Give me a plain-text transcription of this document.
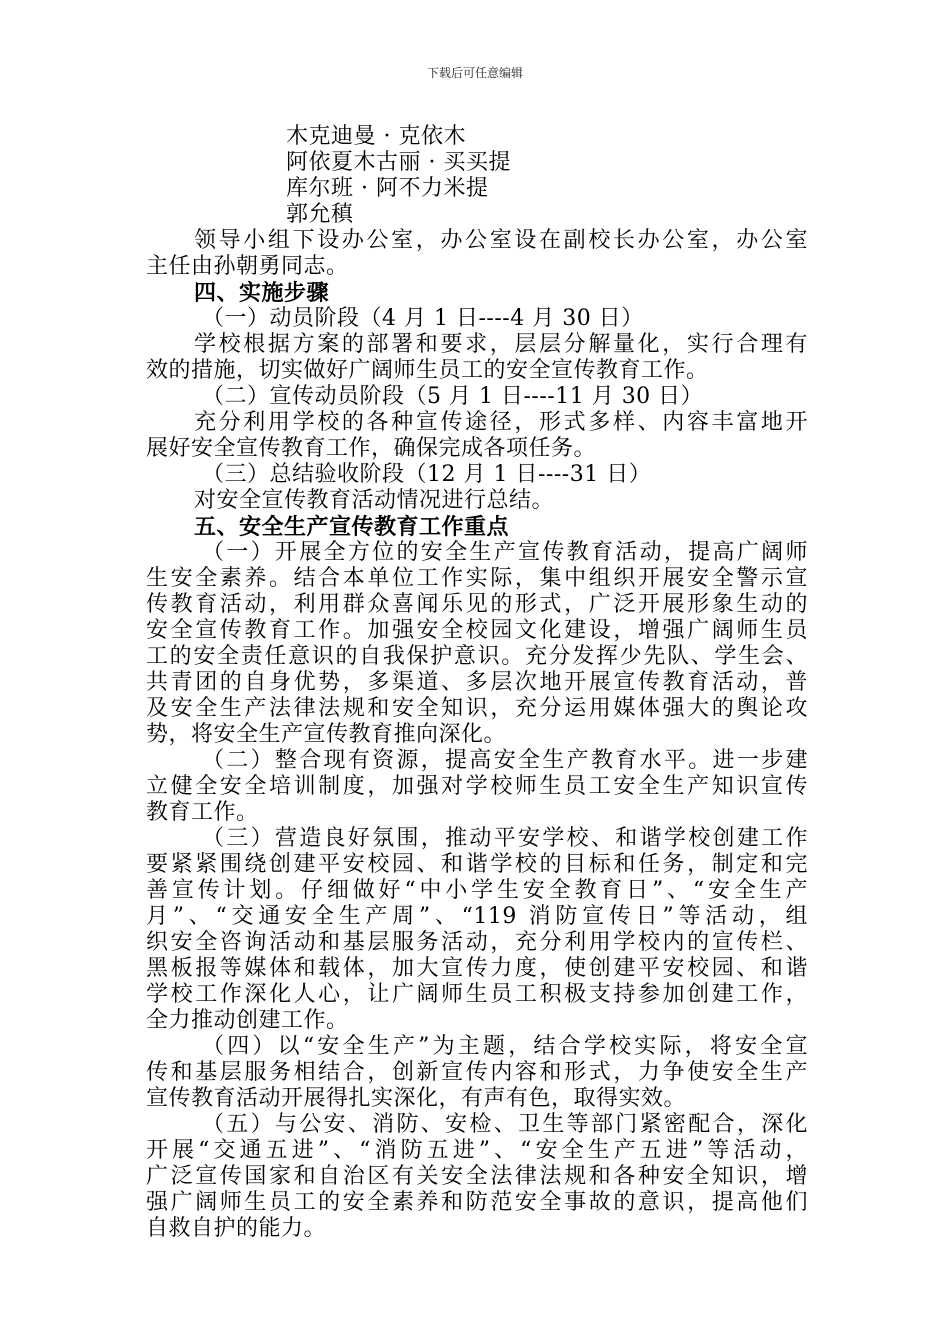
下载后可任意编辑
木克迪曼 · 克依木
阿依夏木古丽 · 买买提
库尔班 · 阿不力米提
郭允稹
领导小组下设办公室，办公室设在副校长办公室，办公室
主任由孙朝勇同志。
四、实施步骤
（一）动员阶段（4 月 1 日----4 月 30 日）
学校根据方案的部署和要求，层层分解量化，实行合理有
效的措施，切实做好广阔师生员工的安全宣传教育工作。
（二）宣传动员阶段（5 月 1 日----11 月 30 日）
充分利用学校的各种宣传途径，形式多样、内容丰富地开
展好安全宣传教育工作，确保完成各项任务。
（三）总结验收阶段（12 月 1 日----31 日）
对安全宣传教育活动情况进行总结。
五、安全生产宣传教育工作重点
（一）开展全方位的安全生产宣传教育活动，提高广阔师
生安全素养。结合本单位工作实际，集中组织开展安全警示宣
传教育活动，利用群众喜闻乐见的形式，广泛开展形象生动的
安全宣传教育工作。加强安全校园文化建设，增强广阔师生员
工的安全责任意识的自我保护意识。充分发挥少先队、学生会、
共青团的自身优势，多渠道、多层次地开展宣传教育活动，普
及安全生产法律法规和安全知识，充分运用媒体强大的舆论攻
势，将安全生产宣传教育推向深化。
（二）整合现有资源，提高安全生产教育水平。进一步建
立健全安全培训制度，加强对学校师生员工安全生产知识宣传
教育工作。
（三）营造良好氛围，推动平安学校、和谐学校创建工作
要紧紧围绕创建平安校园、和谐学校的目标和任务，制定和完
善宣传计划。仔细做好“中小学生安全教育日”、“安全生产
月”、“交通安全生产周”、“119 消防宣传日”等活动，组
织安全咨询活动和基层服务活动，充分利用学校内的宣传栏、
黑板报等媒体和载体，加大宣传力度，使创建平安校园、和谐
学校工作深化人心，让广阔师生员工积极支持参加创建工作，
全力推动创建工作。
（四）以“安全生产”为主题，结合学校实际，将安全宣
传和基层服务相结合，创新宣传内容和形式，力争使安全生产
宣传教育活动开展得扎实深化，有声有色，取得实效。
（五）与公安、消防、安检、卫生等部门紧密配合，深化
开展“交通五进”、“消防五进”、“安全生产五进”等活动，
广泛宣传国家和自治区有关安全法律法规和各种安全知识，增
强广阔师生员工的安全素养和防范安全事故的意识，提高他们
自救自护的能力。
